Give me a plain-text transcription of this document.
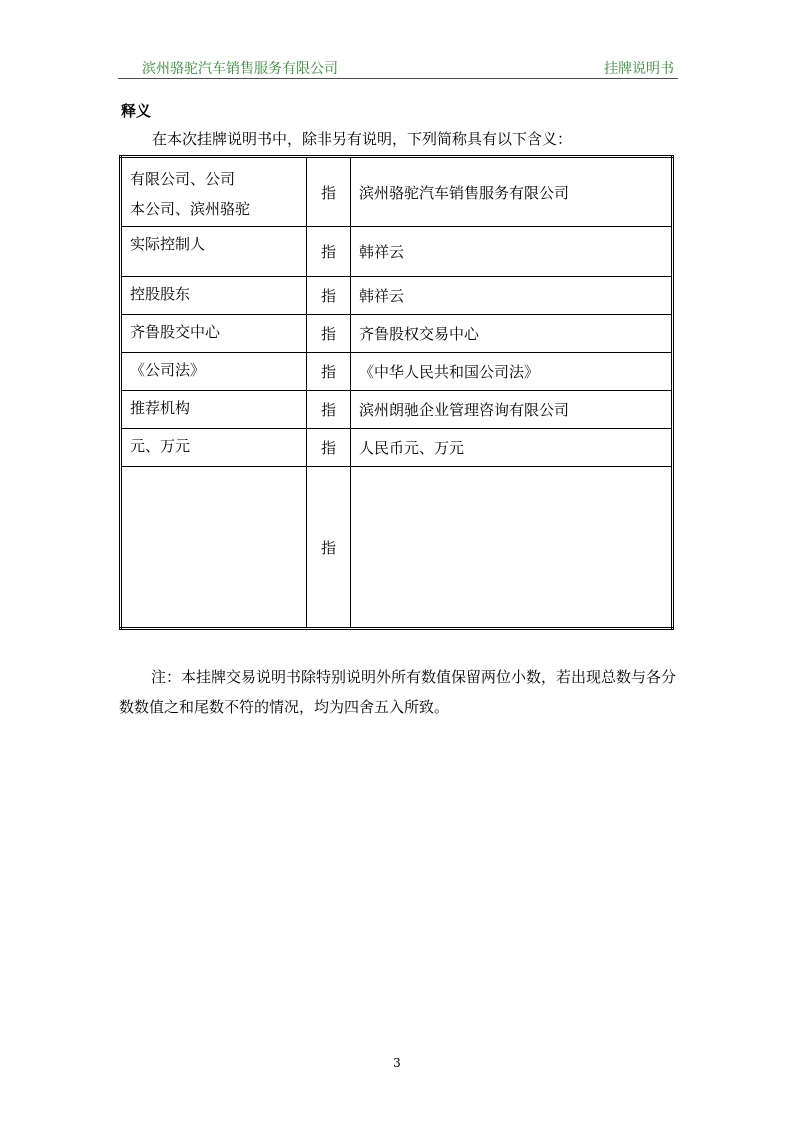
滨州骆驼汽车销售服务有限公司	挂牌说明书
释义
在本次挂牌说明书中，除非另有说明，下列简称具有以下含义：
有限公司、公司
本公司、滨州骆驼	指	滨州骆驼汽车销售服务有限公司
实际控制人	指	韩祥云
控股股东	指	韩祥云
齐鲁股交中心	指	齐鲁股权交易中心
《公司法》	指	《中华人民共和国公司法》
推荐机构	指	滨州朗驰企业管理咨询有限公司
元、万元	指	人民币元、万元
	指	
注：本挂牌交易说明书除特别说明外所有数值保留两位小数，若出现总数与各分数数值之和尾数不符的情况，均为四舍五入所致。
3
